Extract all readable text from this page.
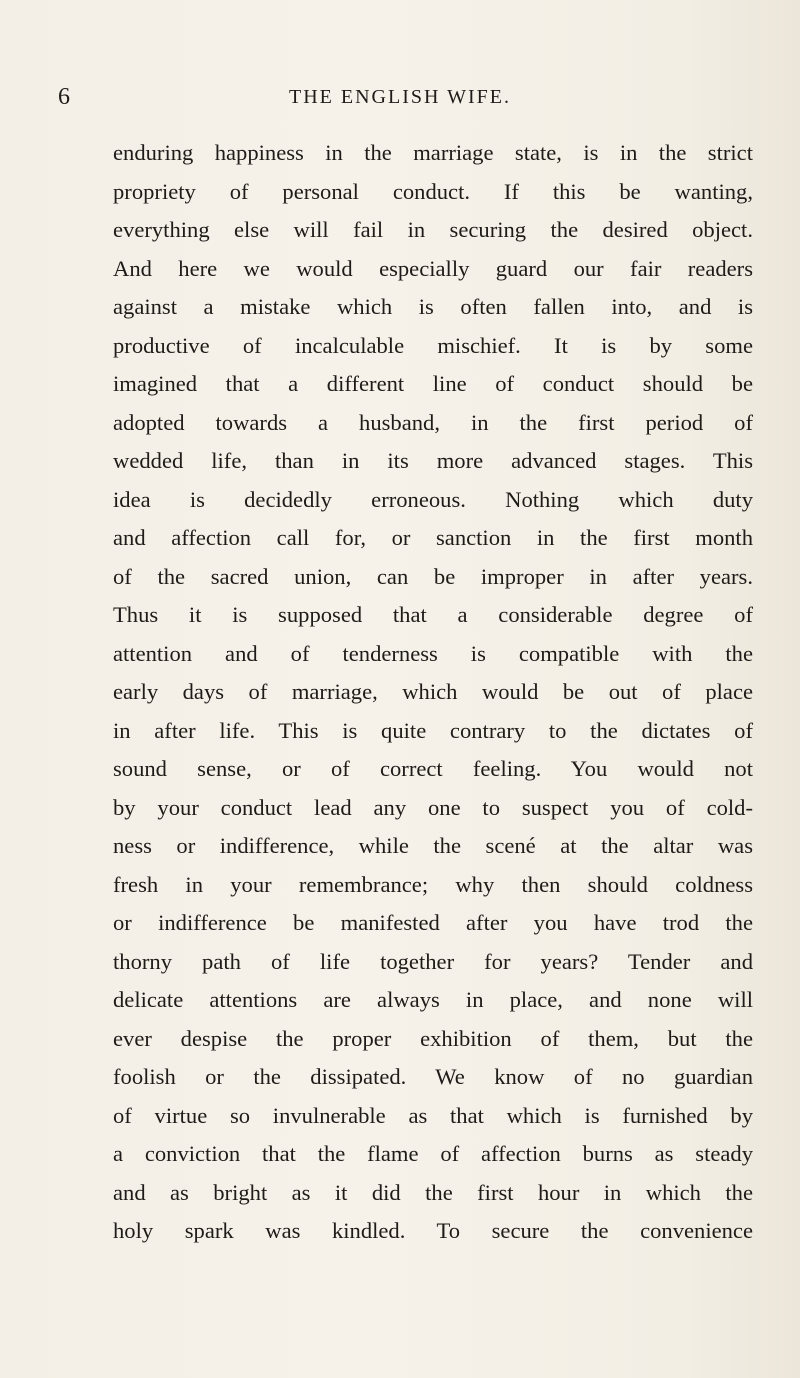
6	THE ENGLISH WIFE.
enduring happiness in the marriage state, is in the strict
propriety of personal conduct. If this be wanting,
everything else will fail in securing the desired object.
And here we would especially guard our fair readers
against a mistake which is often fallen into, and is
productive of incalculable mischief. It is by some
imagined that a different line of conduct should be
adopted towards a husband, in the first period of
wedded life, than in its more advanced stages. This
idea is decidedly erroneous. Nothing which duty
and affection call for, or sanction in the first month
of the sacred union, can be improper in after years.
Thus it is supposed that a considerable degree of
attention and of tenderness is compatible with the
early days of marriage, which would be out of place
in after life. This is quite contrary to the dictates of
sound sense, or of correct feeling. You would not
by your conduct lead any one to suspect you of cold-
ness or indifference, while the scené at the altar was
fresh in your remembrance; why then should coldness
or indifference be manifested after you have trod the
thorny path of life together for years? Tender and
delicate attentions are always in place, and none will
ever despise the proper exhibition of them, but the
foolish or the dissipated. We know of no guardian
of virtue so invulnerable as that which is furnished by
a conviction that the flame of affection burns as steady
and as bright as it did the first hour in which the
holy spark was kindled. To secure the convenience
